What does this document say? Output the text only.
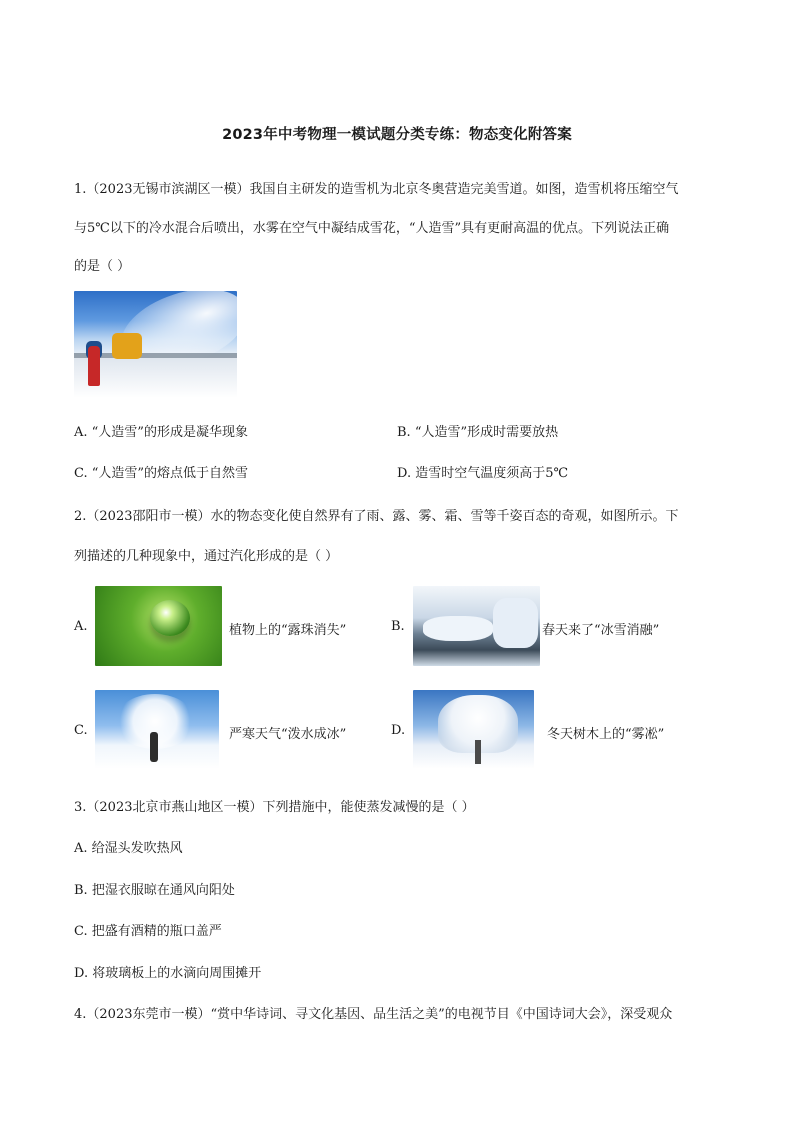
2023年中考物理一模试题分类专练：物态变化附答案
1.（2023无锡市滨湖区一模）我国自主研发的造雪机为北京冬奥营造完美雪道。如图，造雪机将压缩空气
与5℃以下的冷水混合后喷出，水雾在空气中凝结成雪花，“人造雪”具有更耐高温的优点。下列说法正确
的是（ ）
A. “人造雪”的形成是凝华现象	B. “人造雪”形成时需要放热
C. “人造雪”的熔点低于自然雪	D. 造雪时空气温度须高于5℃
2.（2023邵阳市一模）水的物态变化使自然界有了雨、露、雾、霜、雪等千姿百态的奇观，如图所示。下
列描述的几种现象中，通过汽化形成的是（ ）
A.	植物上的“露珠消失”	B.	春天来了“冰雪消融”
C.	严寒天气“泼水成冰”	D.	冬天树木上的“雾凇”
3.（2023北京市燕山地区一模）下列措施中，能使蒸发减慢的是（ ）
A. 给湿头发吹热风
B. 把湿衣服晾在通风向阳处
C. 把盛有酒精的瓶口盖严
D. 将玻璃板上的水滴向周围摊开
4.（2023东莞市一模）“赏中华诗词、寻文化基因、品生活之美”的电视节目《中国诗词大会》，深受观众
